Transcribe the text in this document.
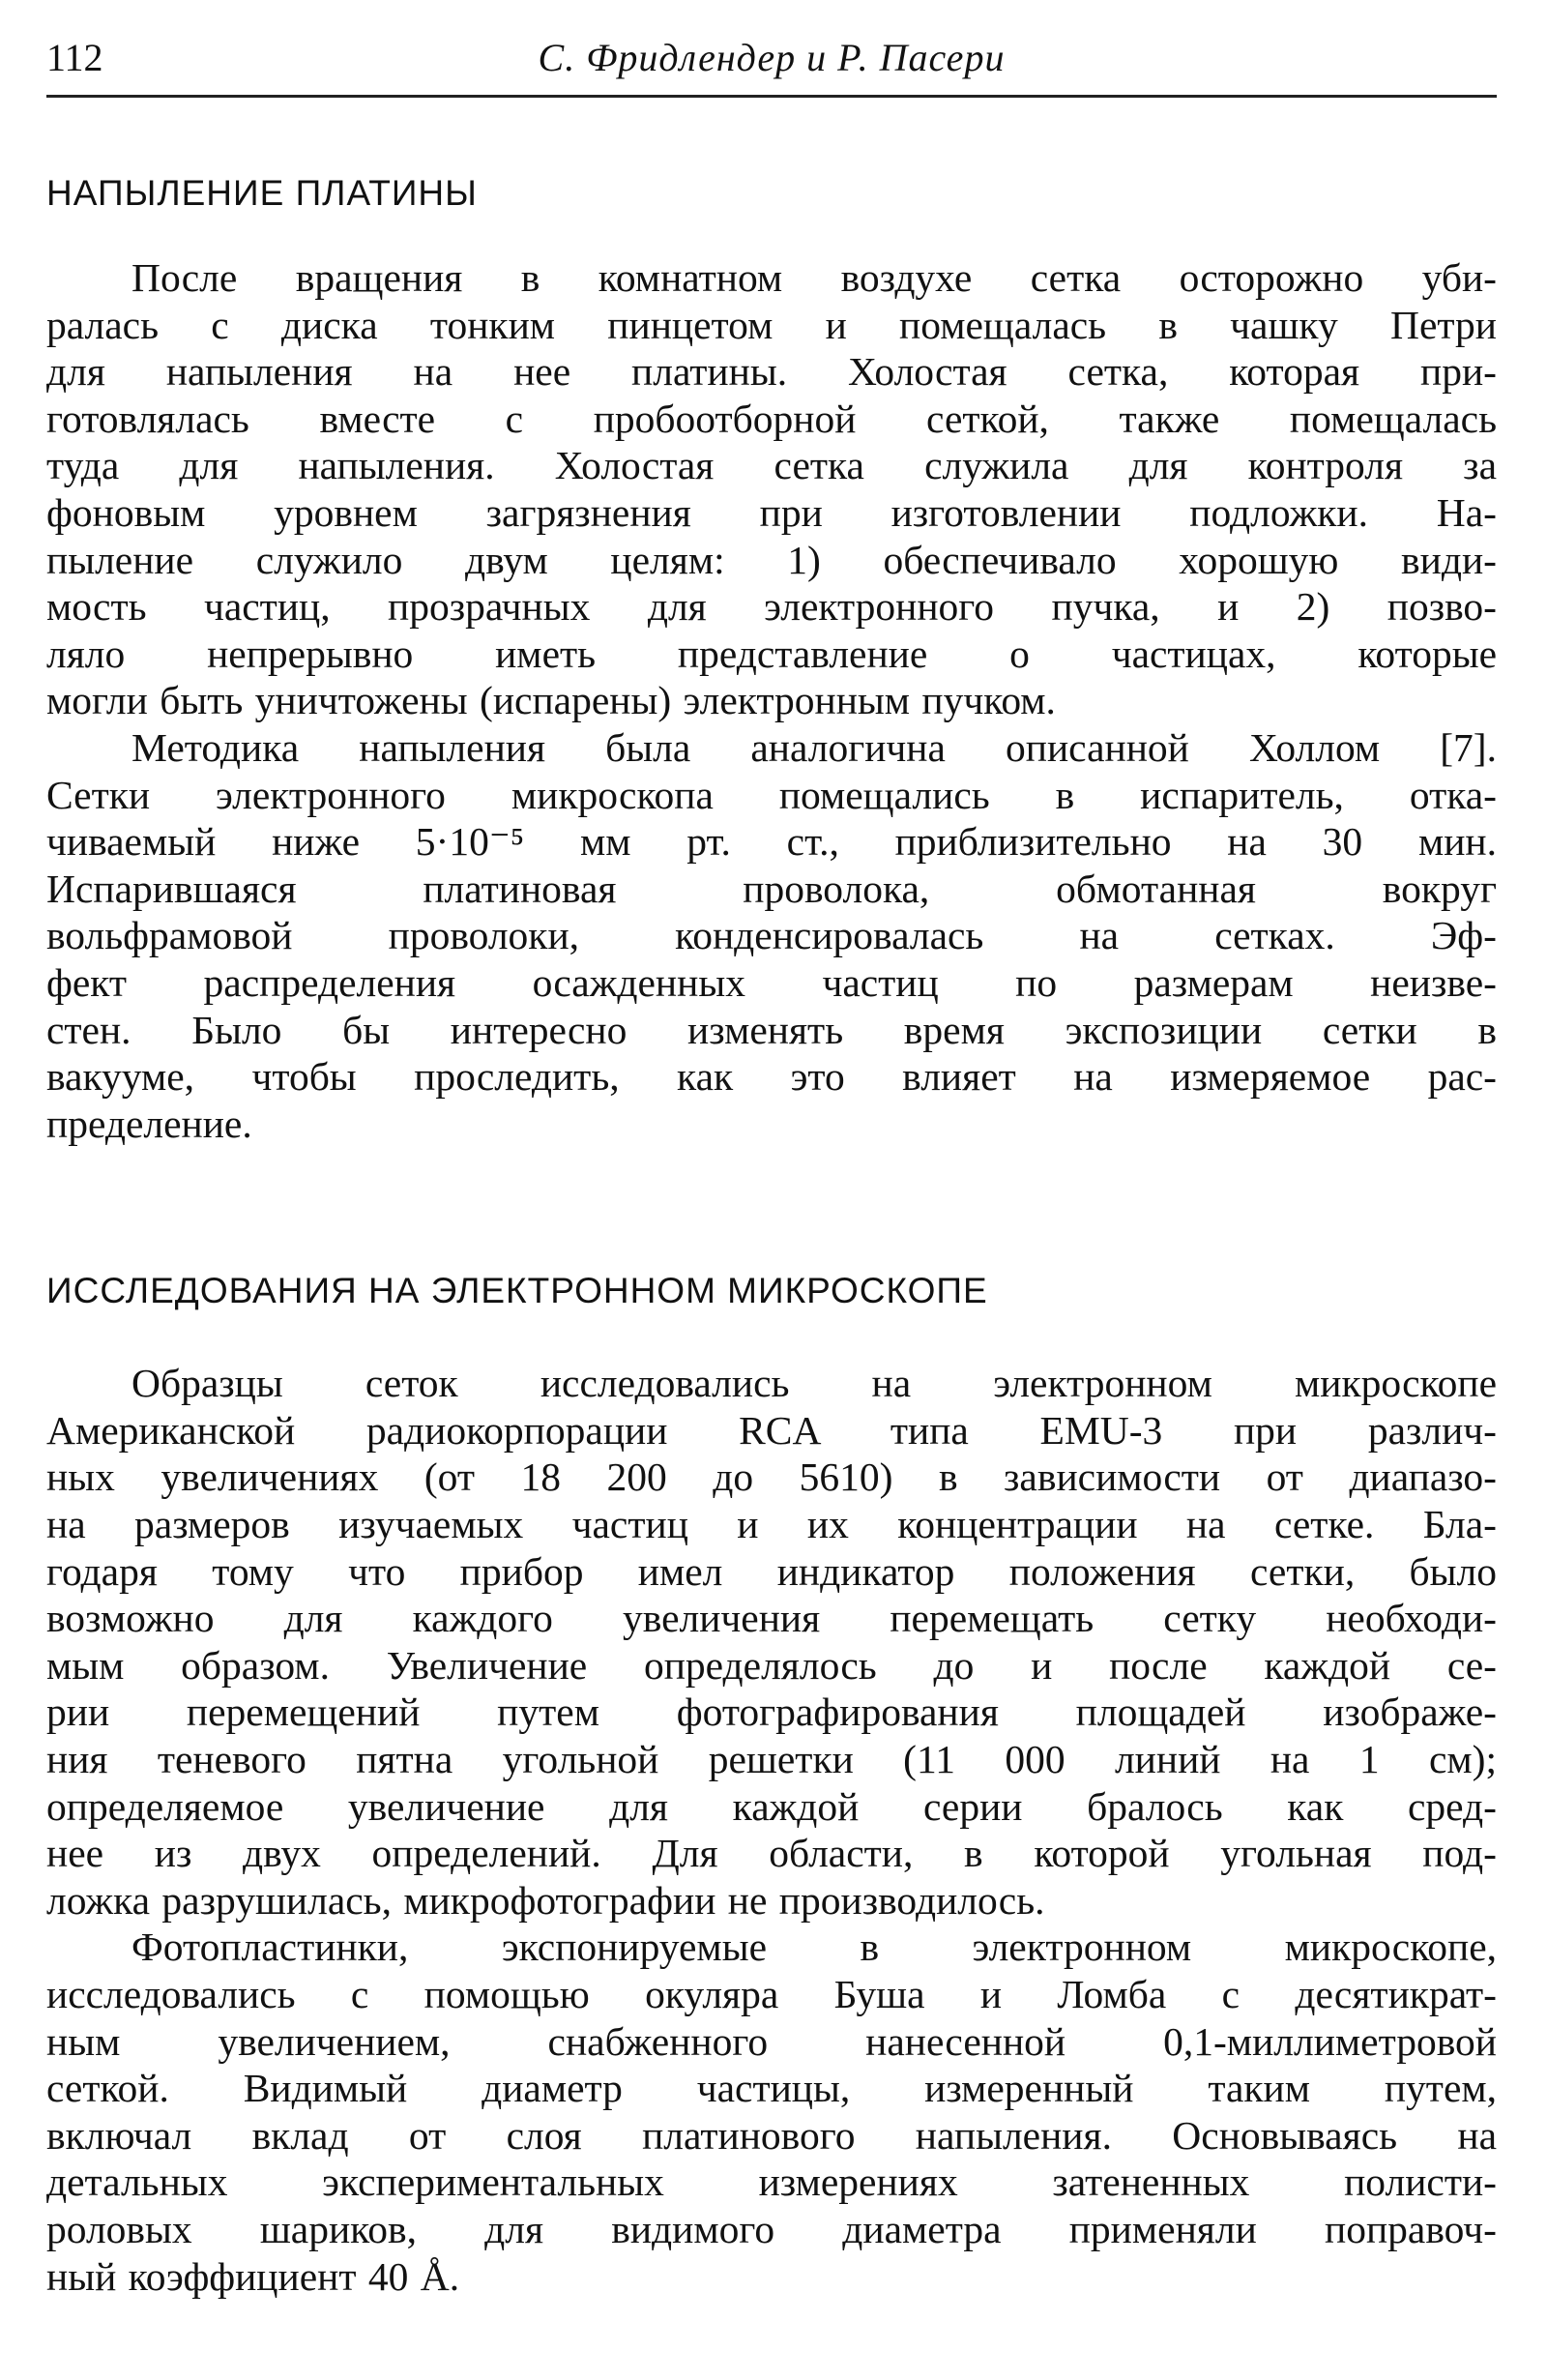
112	С. Фридлендер и Р. Пасери
НАПЫЛЕНИЕ ПЛАТИНЫ

После вращения в комнатном воздухе сетка осторожно уби-
ралась с диска тонким пинцетом и помещалась в чашку Петри
для напыления на нее платины. Холостая сетка, которая при-
готовлялась вместе с пробоотборной сеткой, также помещалась
туда для напыления. Холостая сетка служила для контроля за
фоновым уровнем загрязнения при изготовлении подложки. На-
пыление служило двум целям: 1) обеспечивало хорошую види-
мость частиц, прозрачных для электронного пучка, и 2) позво-
ляло непрерывно иметь представление о частицах, которые
могли быть уничтожены (испарены) электронным пучком.

Методика напыления была аналогична описанной Холлом [7].
Сетки электронного микроскопа помещались в испаритель, отка-
чиваемый ниже 5·10⁻⁵ мм рт. ст., приблизительно на 30 мин.
Испарившаяся платиновая проволока, обмотанная вокруг
вольфрамовой проволоки, конденсировалась на сетках. Эф-
фект распределения осажденных частиц по размерам неизве-
стен. Было бы интересно изменять время экспозиции сетки в
вакууме, чтобы проследить, как это влияет на измеряемое рас-
пределение.

ИССЛЕДОВАНИЯ НА ЭЛЕКТРОННОМ МИКРОСКОПЕ

Образцы сеток исследовались на электронном микроскопе
Американской радиокорпорации RCA типа EMU-3 при различ-
ных увеличениях (от 18 200 до 5610) в зависимости от диапазо-
на размеров изучаемых частиц и их концентрации на сетке. Бла-
годаря тому что прибор имел индикатор положения сетки, было
возможно для каждого увеличения перемещать сетку необходи-
мым образом. Увеличение определялось до и после каждой се-
рии перемещений путем фотографирования площадей изображе-
ния теневого пятна угольной решетки (11 000 линий на 1 см);
определяемое увеличение для каждой серии бралось как сред-
нее из двух определений. Для области, в которой угольная под-
ложка разрушилась, микрофотографии не производилось.

Фотопластинки, экспонируемые в электронном микроскопе,
исследовались с помощью окуляра Буша и Ломба с десятикрат-
ным увеличением, снабженного нанесенной 0,1-миллиметровой
сеткой. Видимый диаметр частицы, измеренный таким путем,
включал вклад от слоя платинового напыления. Основываясь на
детальных экспериментальных измерениях затененных полисти-
роловых шариков, для видимого диаметра применяли поправоч-
ный коэффициент 40 Å.
